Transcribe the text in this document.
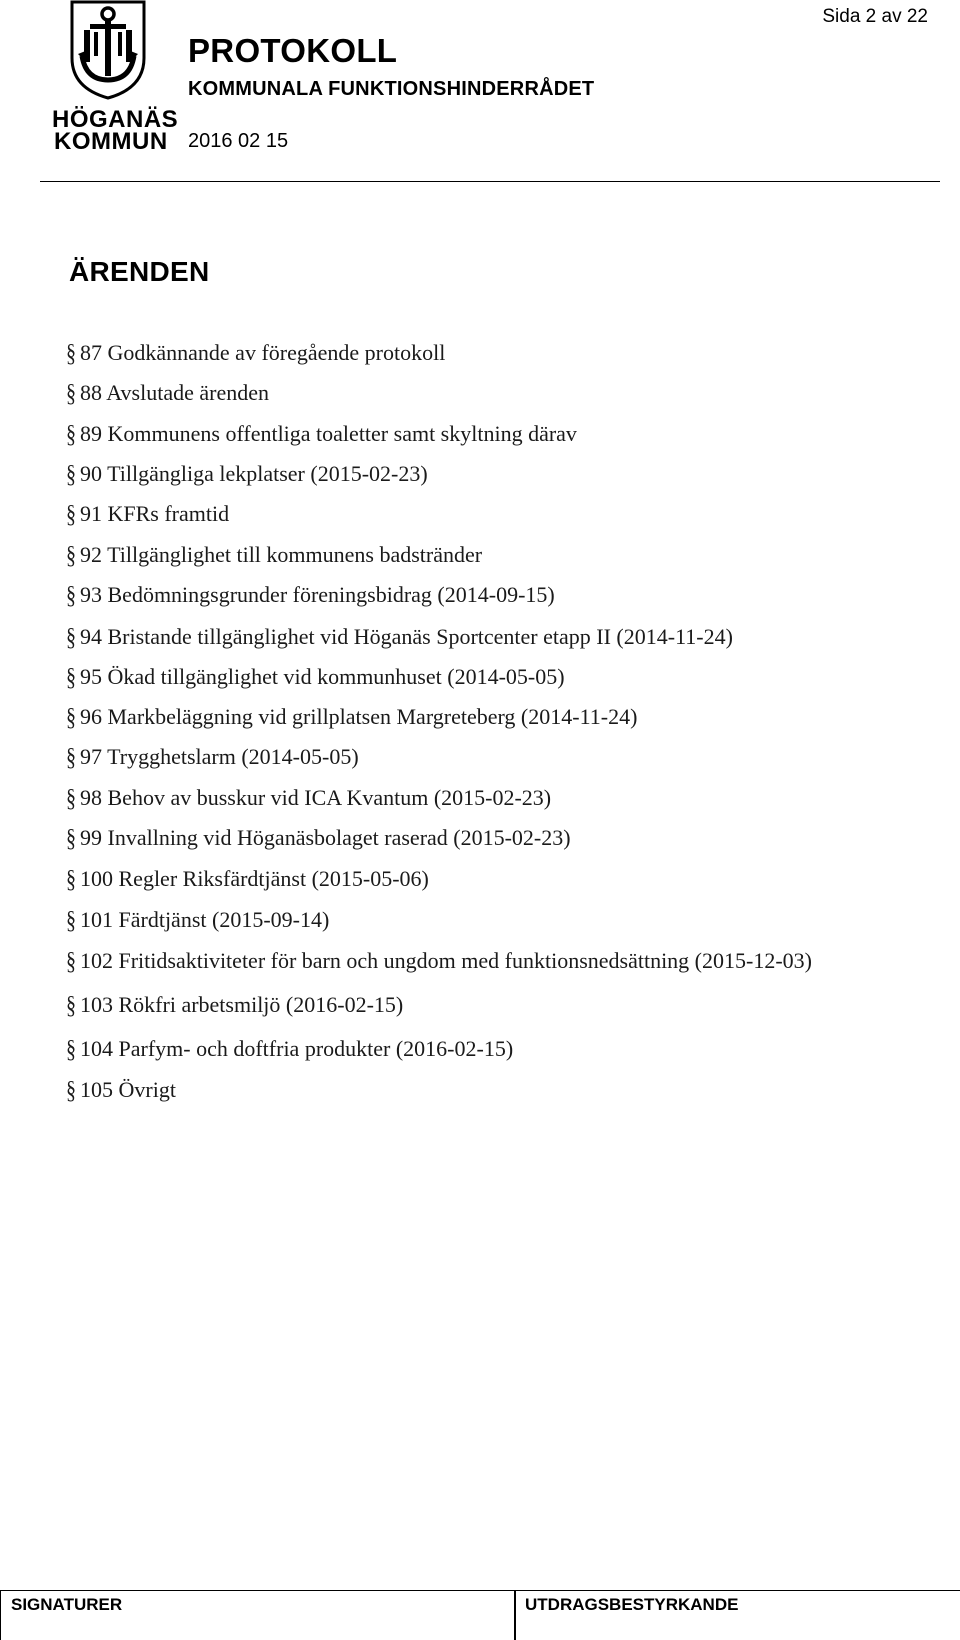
HÖGANÄS
KOMMUN
Sida 2 av 22
PROTOKOLL
KOMMUNALA FUNKTIONSHINDERRÅDET
2016 02 15
ÄRENDEN
§ 87 Godkännande av föregående protokoll
§ 88 Avslutade ärenden
§ 89 Kommunens offentliga toaletter samt skyltning därav
§ 90 Tillgängliga lekplatser (2015-02-23)
§ 91 KFRs framtid
§ 92 Tillgänglighet till kommunens badstränder
§ 93 Bedömningsgrunder föreningsbidrag (2014-09-15)
§ 94 Bristande tillgänglighet vid Höganäs Sportcenter etapp II (2014-11-24)
§ 95 Ökad tillgänglighet vid kommunhuset (2014-05-05)
§ 96 Markbeläggning vid grillplatsen Margreteberg (2014-11-24)
§ 97 Trygghetslarm (2014-05-05)
§ 98 Behov av busskur vid ICA Kvantum (2015-02-23)
§ 99 Invallning vid Höganäsbolaget raserad (2015-02-23)
§ 100 Regler Riksfärdtjänst (2015-05-06)
§ 101 Färdtjänst (2015-09-14)
§ 102 Fritidsaktiviteter för barn och ungdom med funktionsnedsättning (2015-12-03)
§ 103 Rökfri arbetsmiljö (2016-02-15)
§ 104 Parfym- och doftfria produkter (2016-02-15)
§ 105 Övrigt
SIGNATURER	UTDRAGSBESTYRKANDE
